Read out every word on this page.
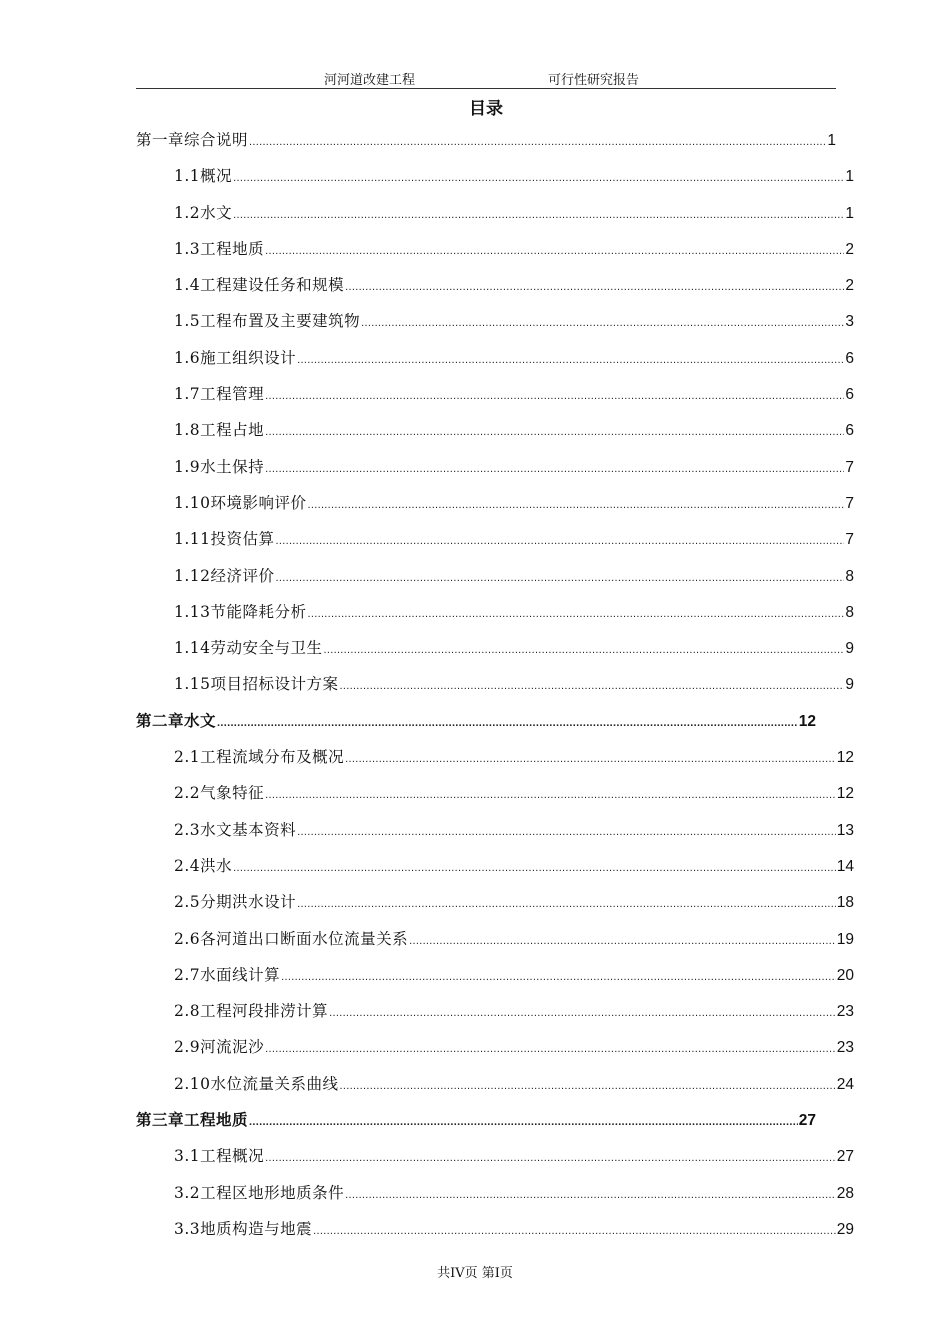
河河道改建工程	可行性研究报告
目录
第一章综合说明 .....	1
1.1概况 .....	1
1.2水文 .....	1
1.3工程地质 .....	2
1.4工程建设任务和规模 .....	2
1.5工程布置及主要建筑物 .....	3
1.6施工组织设计 .....	6
1.7工程管理 .....	6
1.8工程占地 .....	6
1.9水土保持 .....	7
1.10环境影响评价 .....	7
1.11投资估算 .....	7
1.12经济评价 .....	8
1.13节能降耗分析 .....	8
1.14劳动安全与卫生 .....	9
1.15项目招标设计方案 .....	9
第二章水文 .....	12
2.1工程流域分布及概况 .....	12
2.2气象特征 .....	12
2.3水文基本资料 .....	13
2.4洪水 .....	14
2.5分期洪水设计 .....	18
2.6各河道出口断面水位流量关系 .....	19
2.7水面线计算 .....	20
2.8工程河段排涝计算 .....	23
2.9河流泥沙 .....	23
2.10水位流量关系曲线 .....	24
第三章工程地质 .....	27
3.1工程概况 .....	27
3.2工程区地形地质条件 .....	28
3.3地质构造与地震 .....	29
共IV页 第I页
